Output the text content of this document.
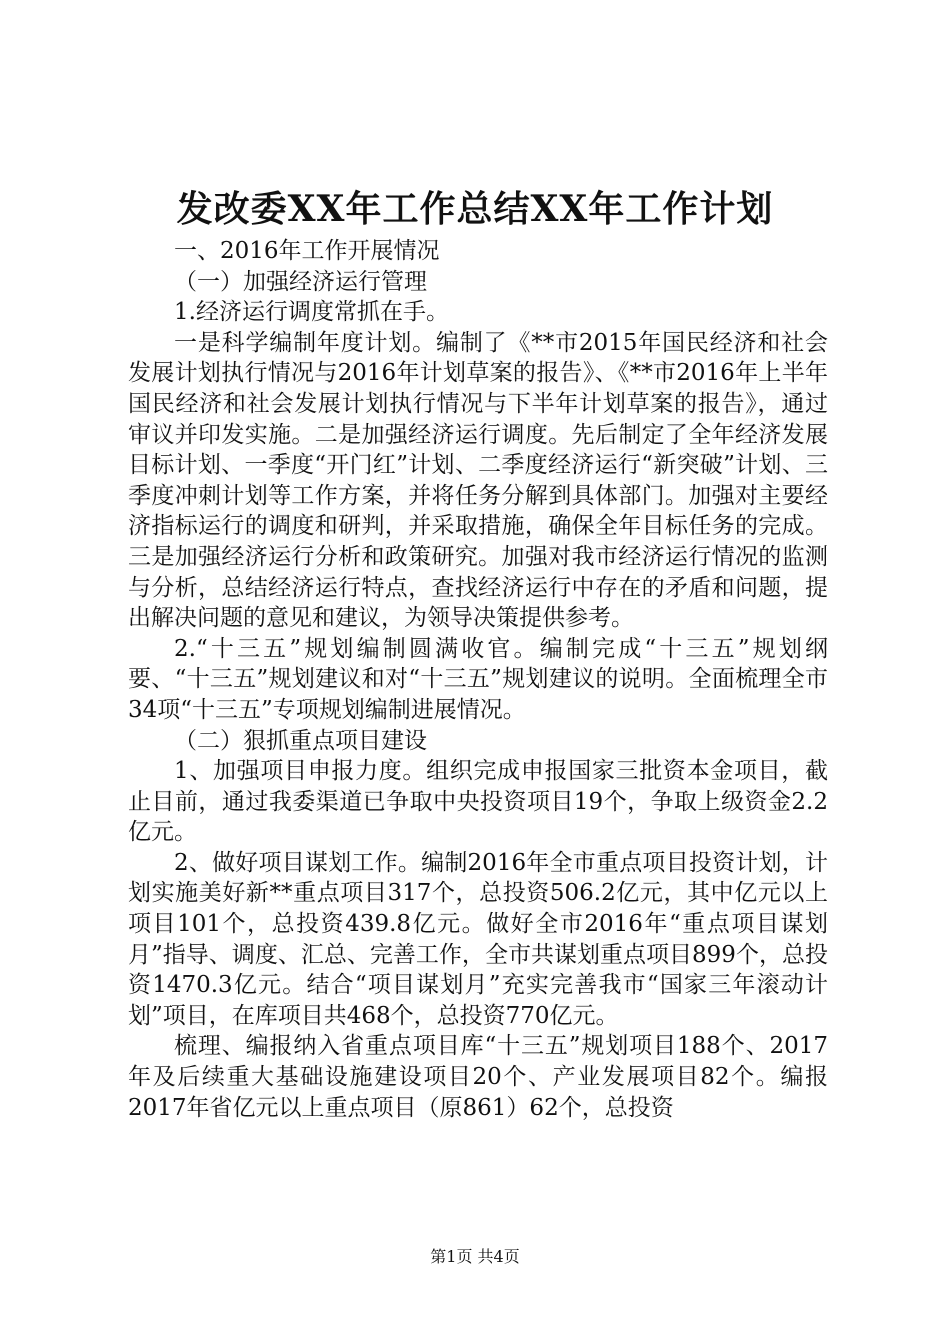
发改委XX年工作总结XX年工作计划

一、2016年工作开展情况

（一）加强经济运行管理

1.经济运行调度常抓在手。

一是科学编制年度计划。编制了《**市2015年国民经济和社会发展计划执行情况与2016年计划草案的报告》、《**市2016年上半年国民经济和社会发展计划执行情况与下半年计划草案的报告》，通过审议并印发实施。二是加强经济运行调度。先后制定了全年经济发展目标计划、一季度“开门红”计划、二季度经济运行“新突破”计划、三季度冲刺计划等工作方案，并将任务分解到具体部门。加强对主要经济指标运行的调度和研判，并采取措施，确保全年目标任务的完成。三是加强经济运行分析和政策研究。加强对我市经济运行情况的监测与分析，总结经济运行特点，查找经济运行中存在的矛盾和问题，提出解决问题的意见和建议，为领导决策提供参考。

2.“十三五”规划编制圆满收官。编制完成“十三五”规划纲要、“十三五”规划建议和对“十三五”规划建议的说明。全面梳理全市34项“十三五”专项规划编制进展情况。

（二）狠抓重点项目建设

1、加强项目申报力度。组织完成申报国家三批资本金项目，截止目前，通过我委渠道已争取中央投资项目19个，争取上级资金2.2亿元。

2、做好项目谋划工作。编制2016年全市重点项目投资计划，计划实施美好新**重点项目317个，总投资506.2亿元，其中亿元以上项目101个，总投资439.8亿元。做好全市2016年“重点项目谋划月”指导、调度、汇总、完善工作，全市共谋划重点项目899个，总投资1470.3亿元。结合“项目谋划月”充实完善我市“国家三年滚动计划”项目，在库项目共468个，总投资770亿元。

梳理、编报纳入省重点项目库“十三五”规划项目188个、2017年及后续重大基础设施建设项目20个、产业发展项目82个。编报2017年省亿元以上重点项目（原861）62个，总投资

第1页 共4页
